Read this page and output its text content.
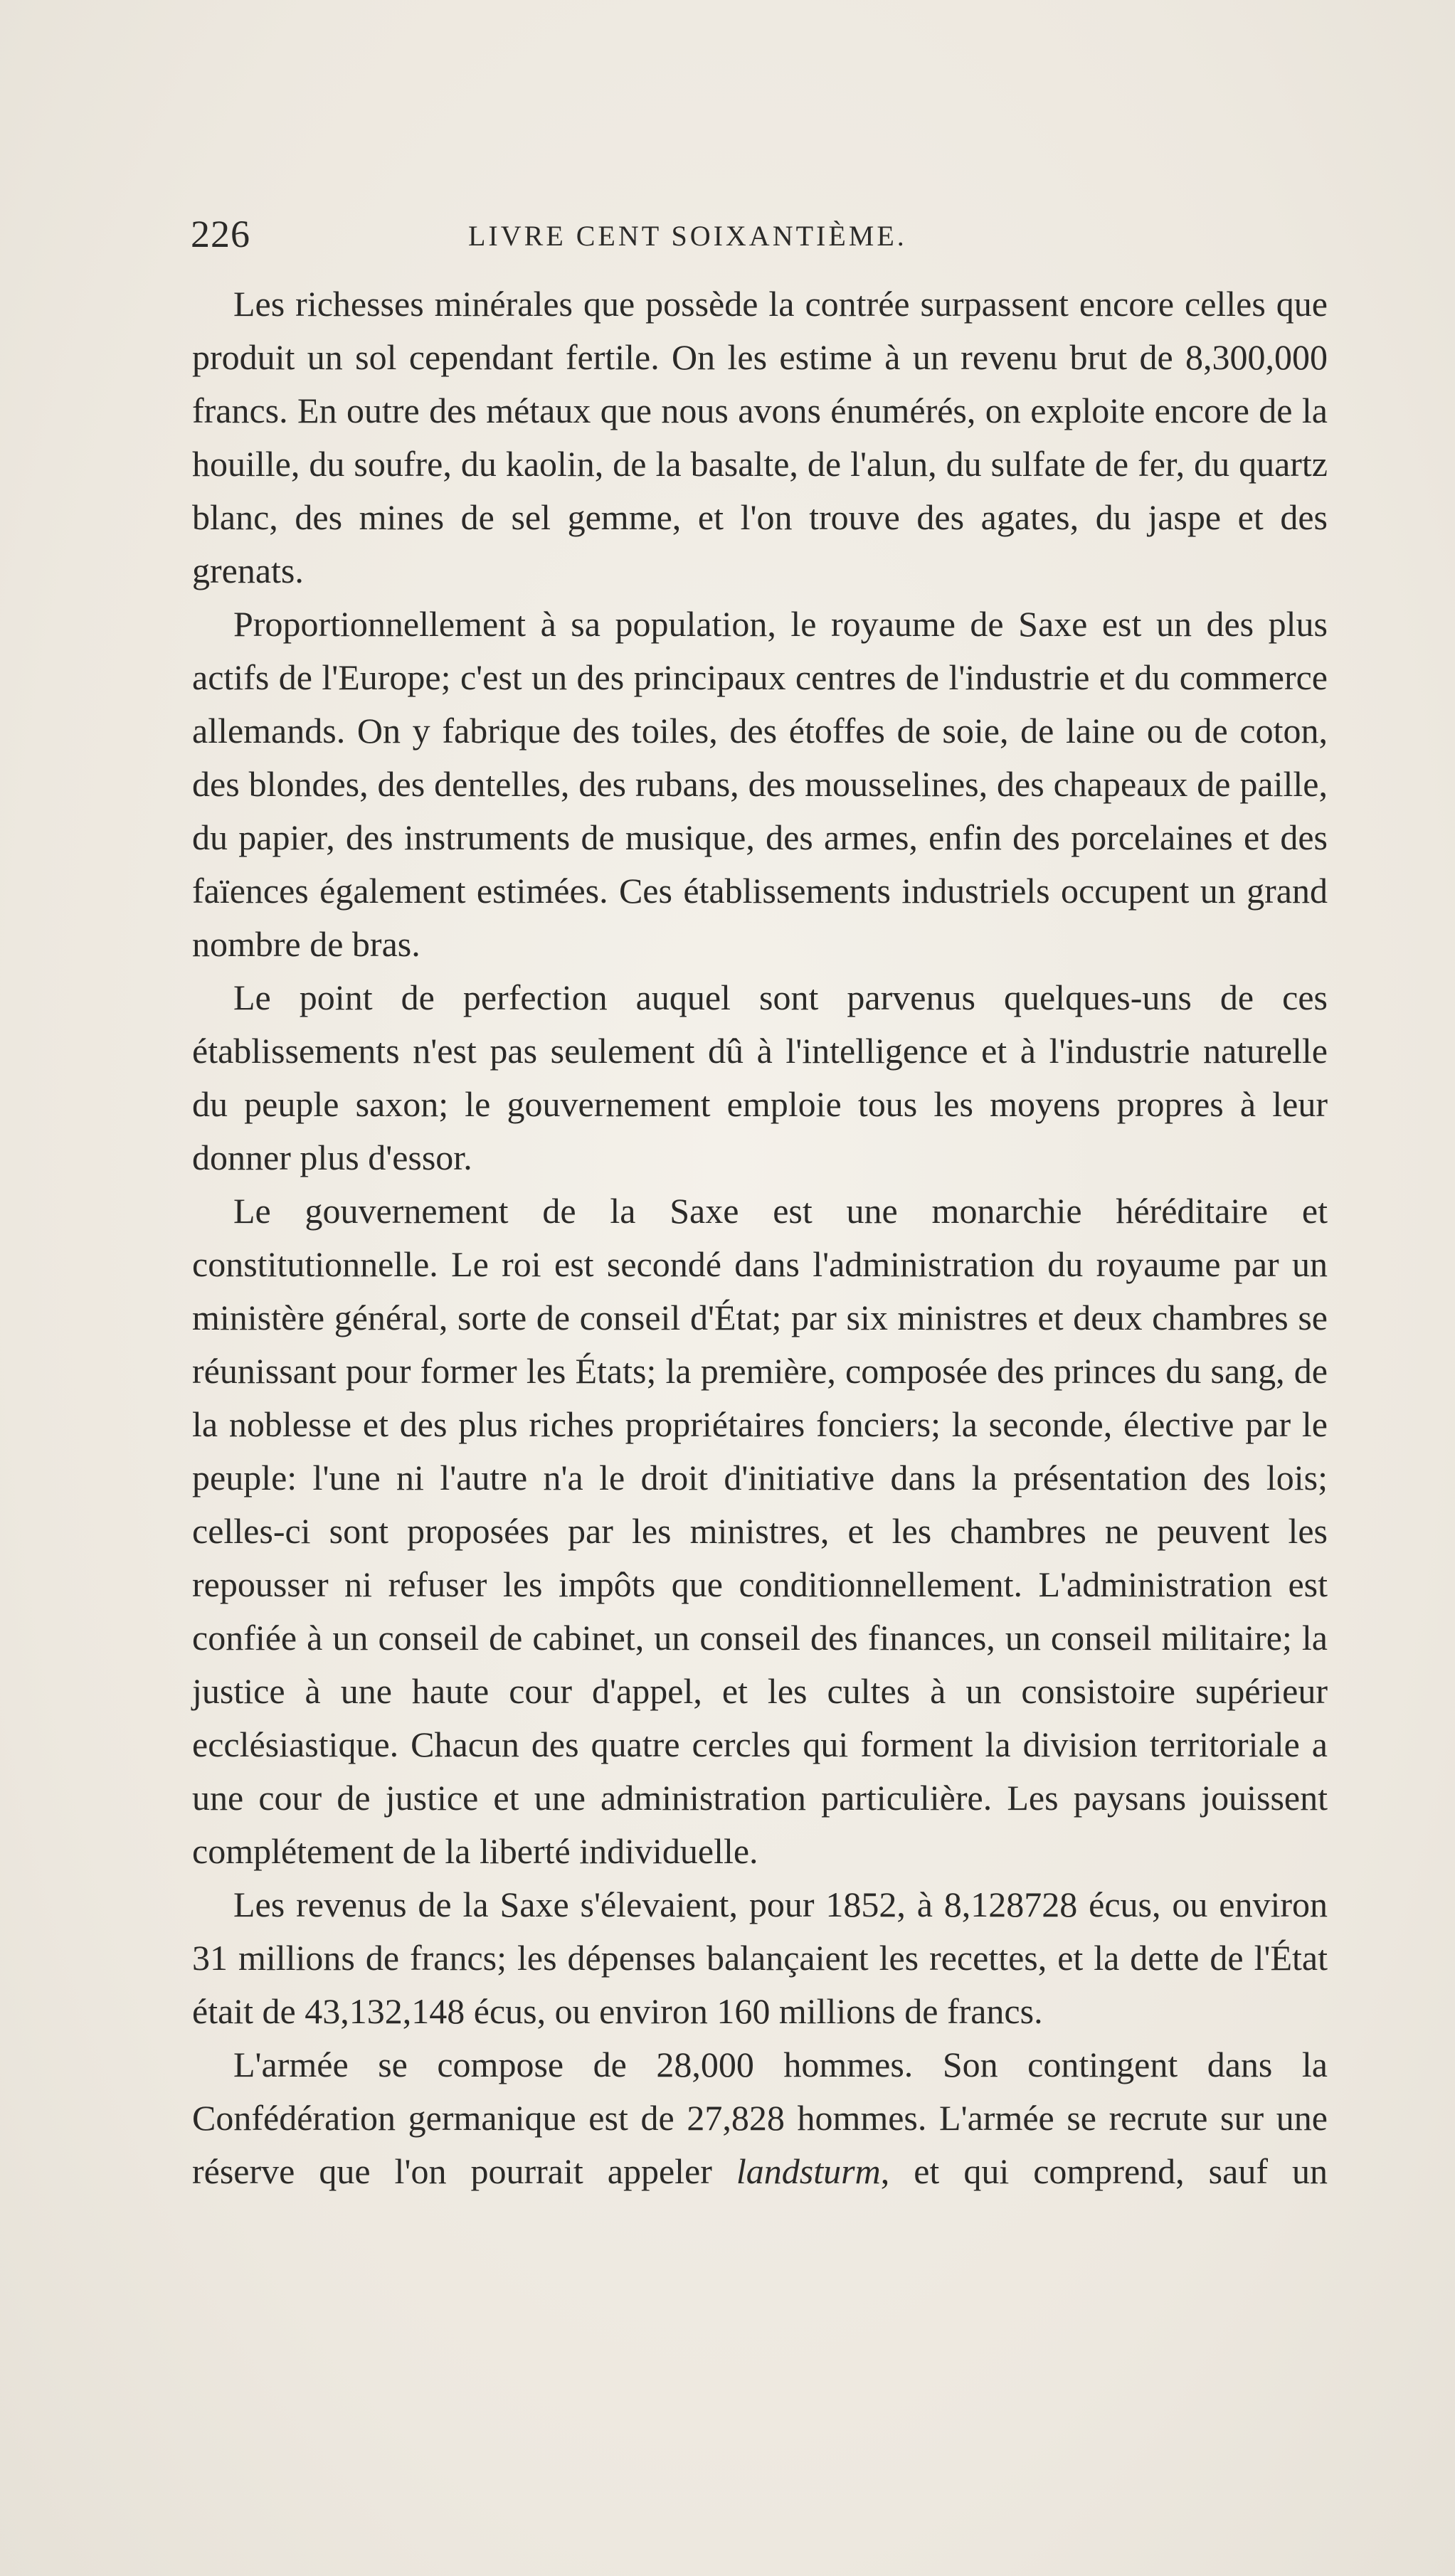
226	LIVRE CENT SOIXANTIÈME.

Les richesses minérales que possède la contrée surpassent encore celles que produit un sol cependant fertile. On les estime à un revenu brut de 8,300,000 francs. En outre des métaux que nous avons énumérés, on exploite encore de la houille, du soufre, du kaolin, de la basalte, de l'alun, du sulfate de fer, du quartz blanc, des mines de sel gemme, et l'on trouve des agates, du jaspe et des grenats.

Proportionnellement à sa population, le royaume de Saxe est un des plus actifs de l'Europe; c'est un des principaux centres de l'industrie et du commerce allemands. On y fabrique des toiles, des étoffes de soie, de laine ou de coton, des blondes, des dentelles, des rubans, des mousselines, des chapeaux de paille, du papier, des instruments de musique, des armes, enfin des porcelaines et des faïences également estimées. Ces établissements industriels occupent un grand nombre de bras.

Le point de perfection auquel sont parvenus quelques-uns de ces établissements n'est pas seulement dû à l'intelligence et à l'industrie naturelle du peuple saxon; le gouvernement emploie tous les moyens propres à leur donner plus d'essor.

Le gouvernement de la Saxe est une monarchie héréditaire et constitutionnelle. Le roi est secondé dans l'administration du royaume par un ministère général, sorte de conseil d'État; par six ministres et deux chambres se réunissant pour former les États; la première, composée des princes du sang, de la noblesse et des plus riches propriétaires fonciers; la seconde, élective par le peuple: l'une ni l'autre n'a le droit d'initiative dans la présentation des lois; celles-ci sont proposées par les ministres, et les chambres ne peuvent les repousser ni refuser les impôts que conditionnellement. L'administration est confiée à un conseil de cabinet, un conseil des finances, un conseil militaire; la justice à une haute cour d'appel, et les cultes à un consistoire supérieur ecclésiastique. Chacun des quatre cercles qui forment la division territoriale a une cour de justice et une administration particulière. Les paysans jouissent complétement de la liberté individuelle.

Les revenus de la Saxe s'élevaient, pour 1852, à 8,128728 écus, ou environ 31 millions de francs; les dépenses balançaient les recettes, et la dette de l'État était de 43,132,148 écus, ou environ 160 millions de francs.

L'armée se compose de 28,000 hommes. Son contingent dans la Confédération germanique est de 27,828 hommes. L'armée se recrute sur une réserve que l'on pourrait appeler landsturm, et qui comprend, sauf un
